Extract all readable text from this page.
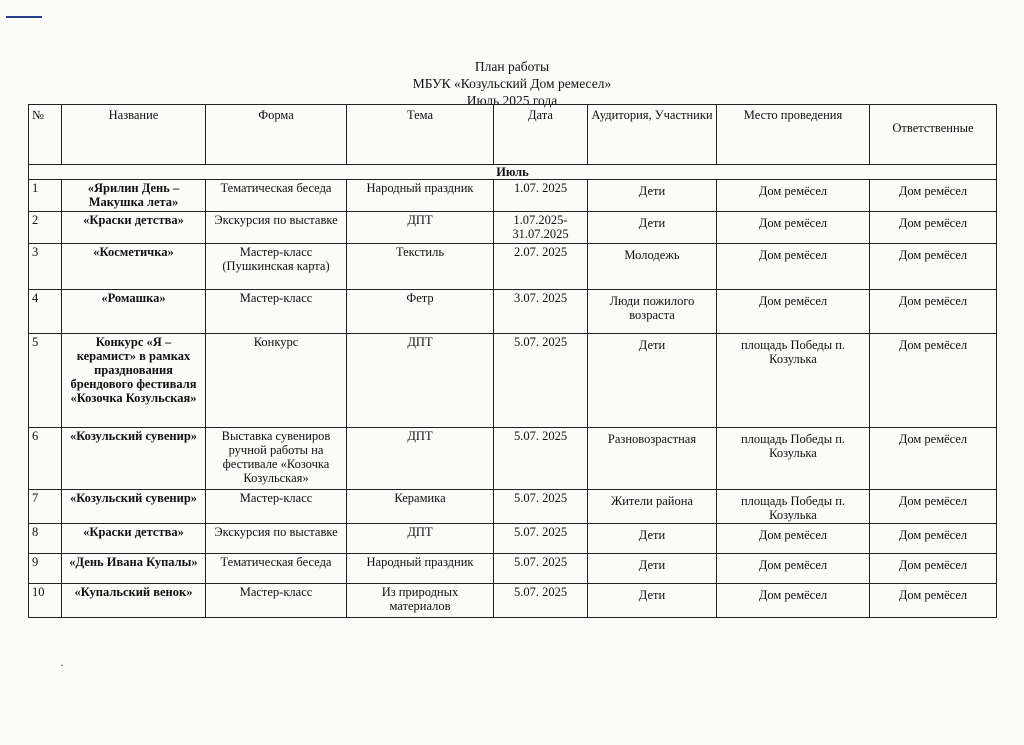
План работы
МБУК «Козульский Дом ремесел»
Июль 2025 года
№	Название	Форма	Тема	Дата	Аудитория, Участники	Место проведения	Ответственные
Июль							
1	«Ярилин День – Макушка лета»	Тематическая беседа	Народный праздник	1.07. 2025	Дети	Дом ремёсел	Дом ремёсел
2	«Краски детства»	Экскурсия по выставке	ДПТ	1.07.2025-31.07.2025	Дети	Дом ремёсел	Дом ремёсел
3	«Косметичка»	Мастер-класс (Пушкинская карта)	Текстиль	2.07. 2025	Молодежь	Дом ремёсел	Дом ремёсел
4	«Ромашка»	Мастер-класс	Фетр	3.07. 2025	Люди пожилого возраста	Дом ремёсел	Дом ремёсел
5	Конкурс «Я – керамист» в рамках празднования брендового фестиваля «Козочка Козульская»	Конкурс	ДПТ	5.07. 2025	Дети	площадь Победы п. Козулька	Дом ремёсел
6	«Козульский сувенир»	Выставка сувениров ручной работы на фестивале «Козочка Козульская»	ДПТ	5.07. 2025	Разновозрастная	площадь Победы п. Козулька	Дом ремёсел
7	«Козульский сувенир»	Мастер-класс	Керамика	5.07. 2025	Жители района	площадь Победы п. Козулька	Дом ремёсел
8	«Краски детства»	Экскурсия по выставке	ДПТ	5.07. 2025	Дети	Дом ремёсел	Дом ремёсел
9	«День Ивана Купалы»	Тематическая беседа	Народный праздник	5.07. 2025	Дети	Дом ремёсел	Дом ремёсел
10	«Купальский венок»	Мастер-класс	Из природных материалов	5.07. 2025	Дети	Дом ремёсел	Дом ремёсел
·
